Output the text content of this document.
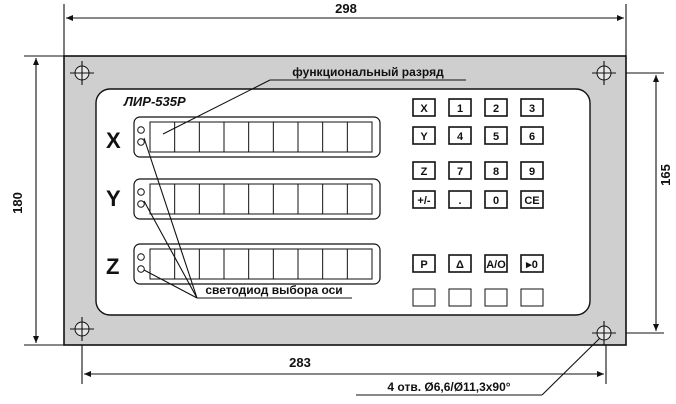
298
180
165
283
ЛИР-535Р
X
Y
Z
X	1	2	3
Y	4	5	6
Z	7	8	9
+/-	.	0 CE
P	Δ A/O ▸0
функциональный разряд
светодиод выбора оси
4 отв. Ø6,6/Ø11,3х90°
